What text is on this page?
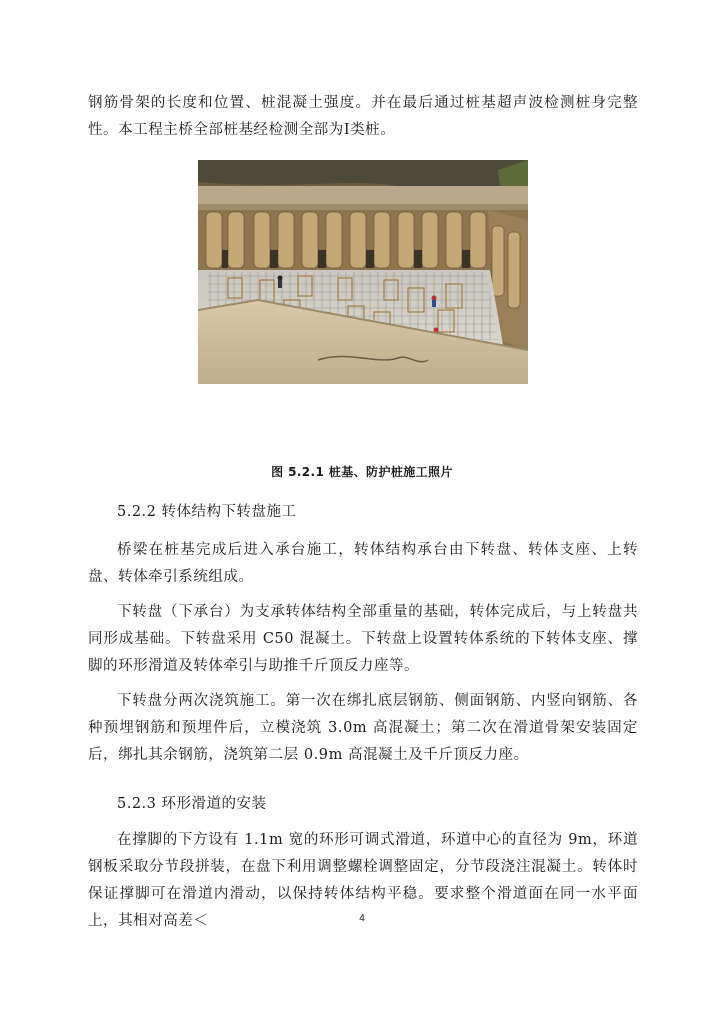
钢筋骨架的长度和位置、桩混凝土强度。并在最后通过桩基超声波检测桩身完整性。本工程主桥全部桩基经检测全部为Ⅰ类桩。
图 5.2.1 桩基、防护桩施工照片
5.2.2 转体结构下转盘施工
桥梁在桩基完成后进入承台施工，转体结构承台由下转盘、转体支座、上转盘、转体牵引系统组成。
下转盘（下承台）为支承转体结构全部重量的基础，转体完成后，与上转盘共同形成基础。下转盘采用 C50 混凝土。下转盘上设置转体系统的下转体支座、撑脚的环形滑道及转体牵引与助推千斤顶反力座等。
下转盘分两次浇筑施工。第一次在绑扎底层钢筋、侧面钢筋、内竖向钢筋、各种预埋钢筋和预埋件后，立模浇筑 3.0m 高混凝土；第二次在滑道骨架安装固定后，绑扎其余钢筋，浇筑第二层 0.9m 高混凝土及千斤顶反力座。
5.2.3 环形滑道的安装
在撑脚的下方设有 1.1m 宽的环形可调式滑道，环道中心的直径为 9m，环道钢板采取分节段拼装，在盘下利用调整螺栓调整固定，分节段浇注混凝土。转体时保证撑脚可在滑道内滑动，以保持转体结构平稳。要求整个滑道面在同一水平面上，其相对高差＜	4
